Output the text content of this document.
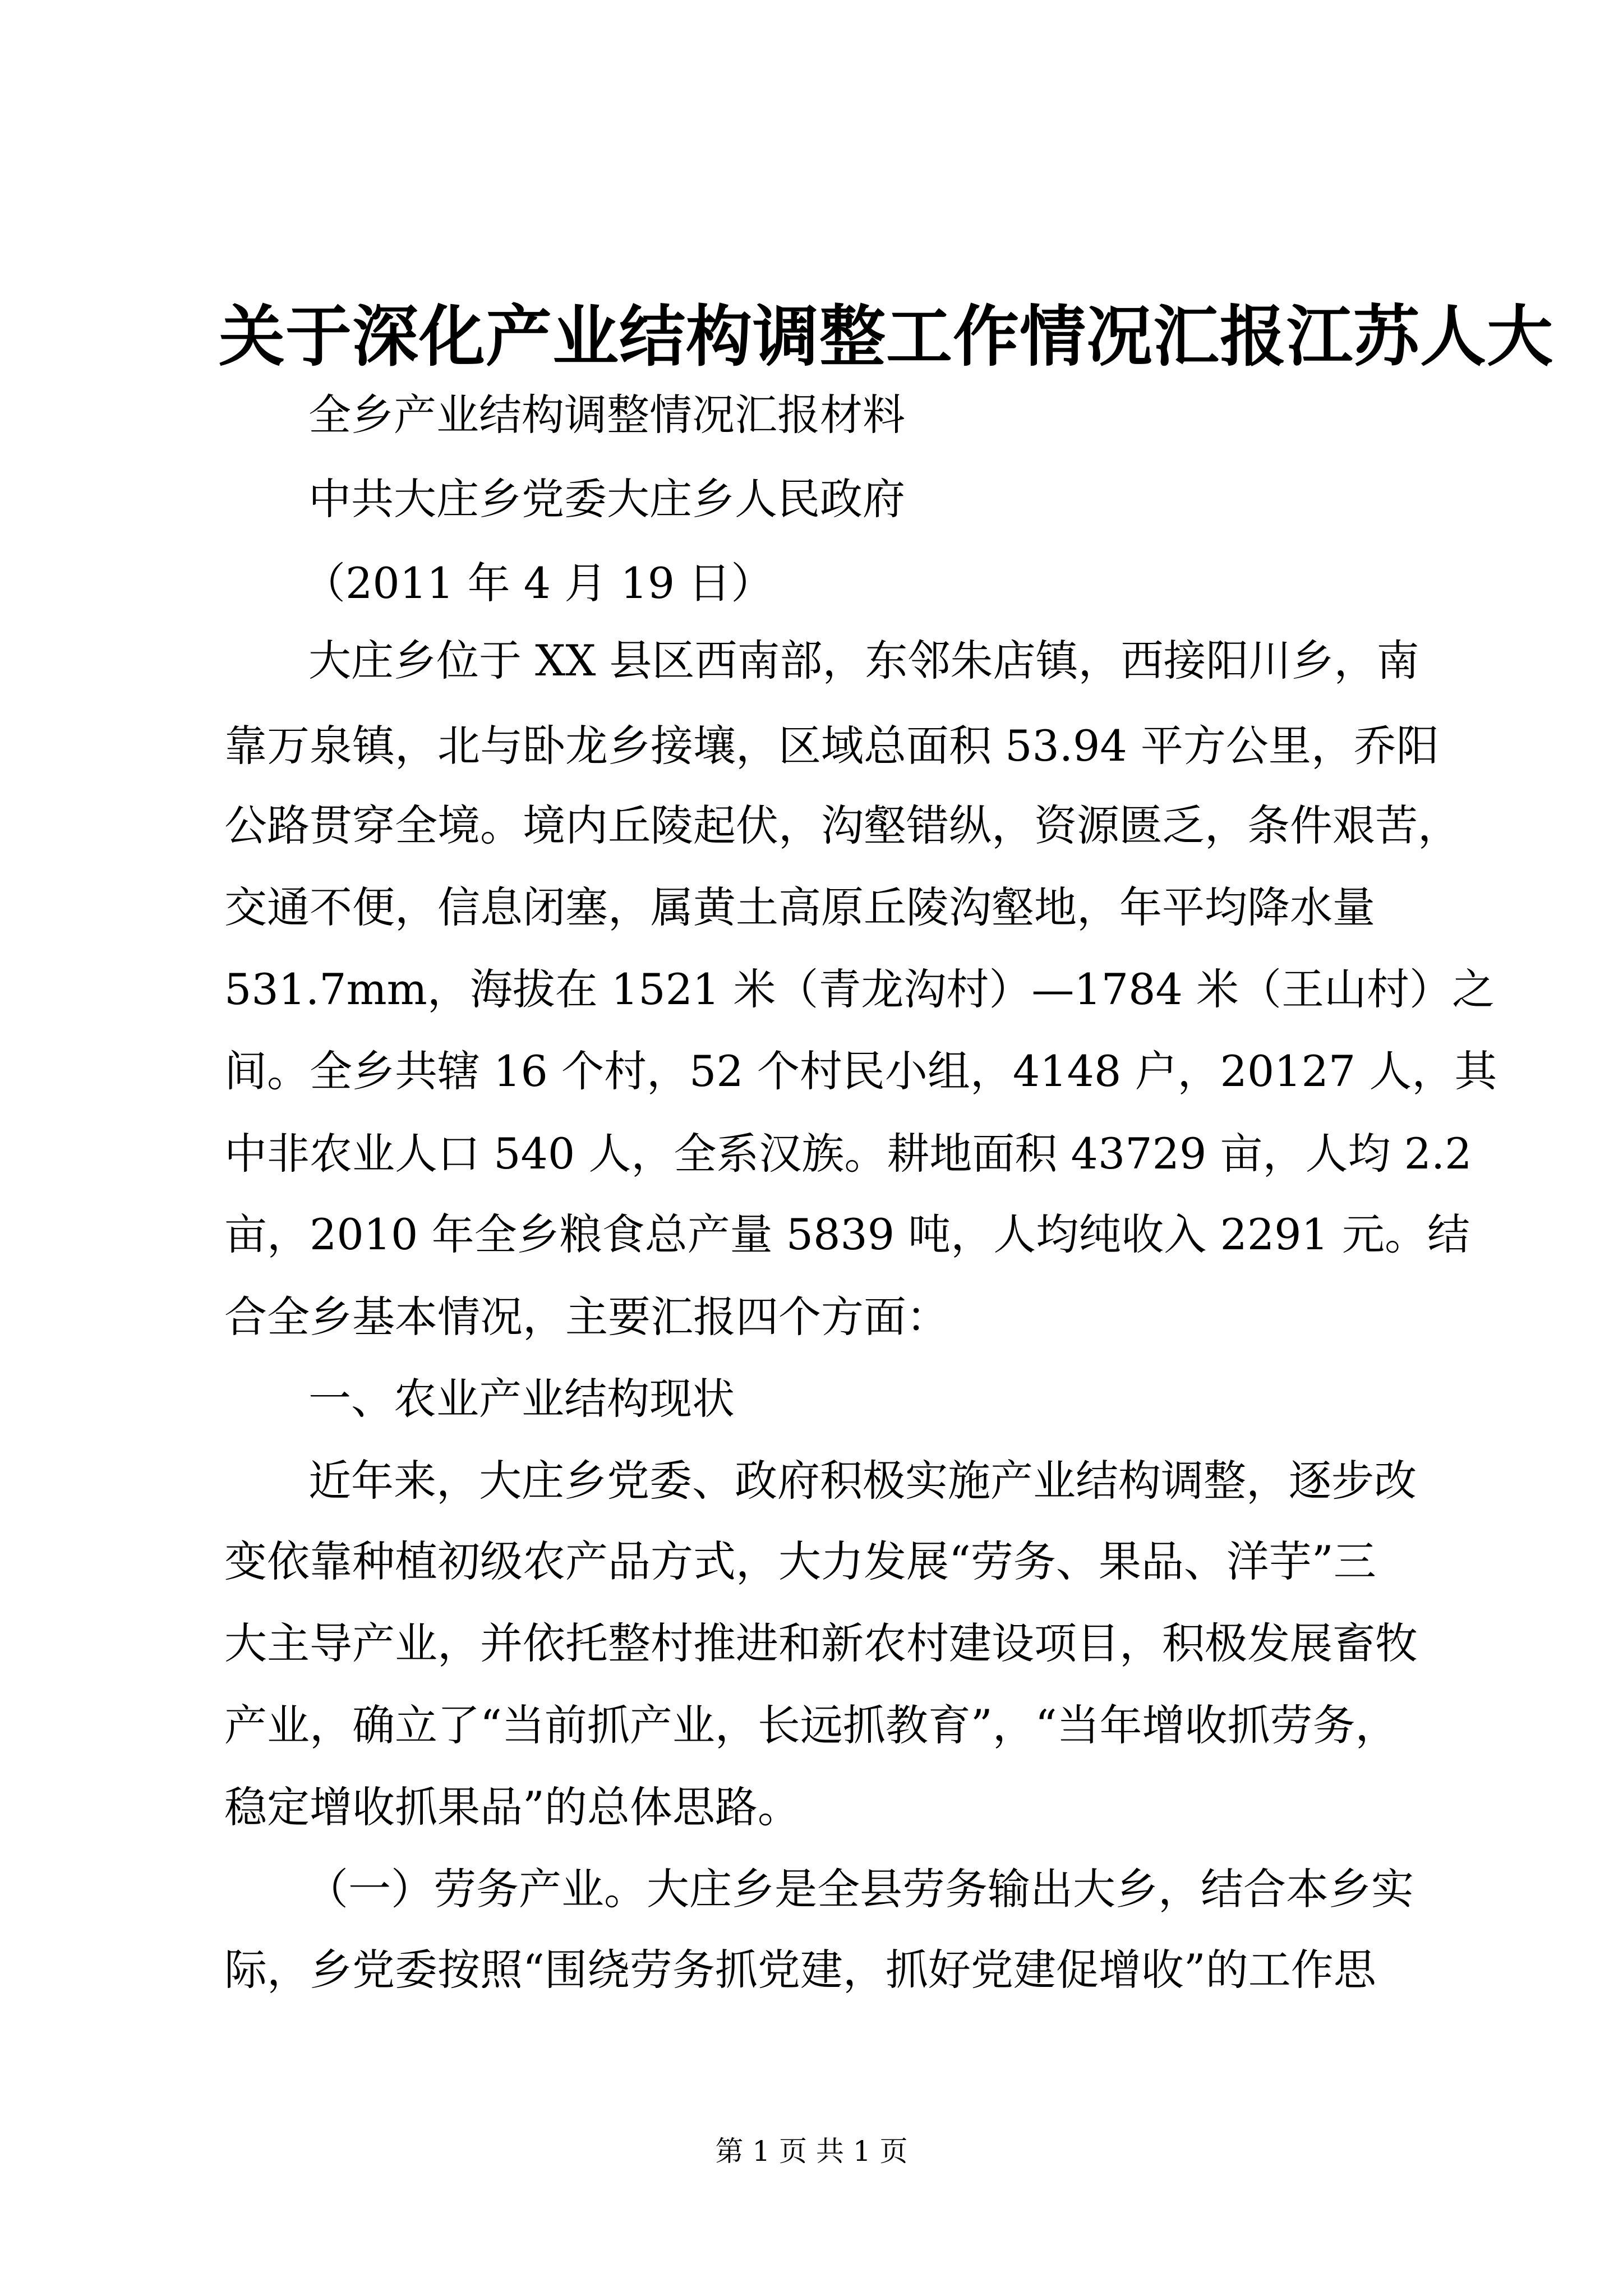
关于深化产业结构调整工作情况汇报江苏人大
全乡产业结构调整情况汇报材料
中共大庄乡党委大庄乡人民政府
（2011 年 4 月 19 日）
大庄乡位于 XX 县区西南部，东邻朱店镇，西接阳川乡，南
靠万泉镇，北与卧龙乡接壤，区域总面积 53.94 平方公里，乔阳
公路贯穿全境。境内丘陵起伏，沟壑错纵，资源匮乏，条件艰苦，
交通不便，信息闭塞，属黄土高原丘陵沟壑地，年平均降水量
531.7mm，海拔在 1521 米（青龙沟村）—1784 米（王山村）之
间。全乡共辖 16 个村，52 个村民小组，4148 户，20127 人，其
中非农业人口 540 人，全系汉族。耕地面积 43729 亩，人均 2.2
亩，2010 年全乡粮食总产量 5839 吨，人均纯收入 2291 元。结
合全乡基本情况，主要汇报四个方面：
一、农业产业结构现状
近年来，大庄乡党委、政府积极实施产业结构调整，逐步改
变依靠种植初级农产品方式，大力发展“劳务、果品、洋芋”三
大主导产业，并依托整村推进和新农村建设项目，积极发展畜牧
产业，确立了“当前抓产业，长远抓教育”，“当年增收抓劳务，
稳定增收抓果品”的总体思路。
（一）劳务产业。大庄乡是全县劳务输出大乡，结合本乡实
际，乡党委按照“围绕劳务抓党建，抓好党建促增收”的工作思
第 1 页 共 1 页
